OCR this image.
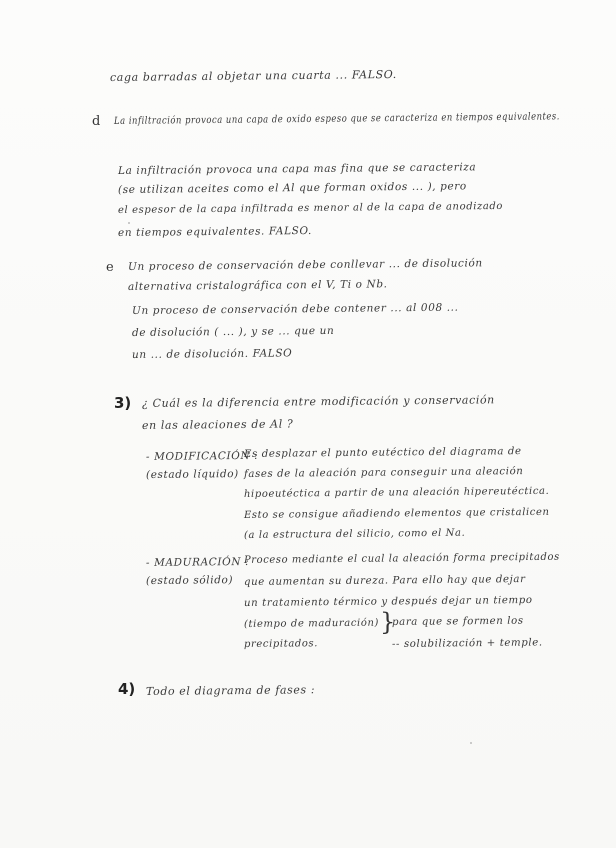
caga barradas al objetar una cuarta ... FALSO.
d La infiltración provoca una capa de oxido espeso que se caracteriza en tiempos equivalentes.
La infiltración provoca una capa mas fina que se caracteriza
(se utilizan aceites como el Al que forman oxidos ... ), pero
el espesor de la capa infiltrada es menor al de la capa de anodizado
en tiempos equivalentes. FALSO.
e Un proceso de conservación debe conllevar ... de disolución
alternativa cristalográfica con el V, Ti o Nb.
Un proceso de conservación debe contener ... al 008 ...
de disolución ( ... ), y se ... que un
un ... de disolución. FALSO
3) ¿ Cuál es la diferencia entre modificación y conservación
en las aleaciones de Al ?
- MODIFICACIÓN :
(estado líquido)
Es desplazar el punto eutéctico del diagrama de
fases de la aleación para conseguir una aleación
hipoeutéctica a partir de una aleación hipereutéctica.
Esto se consigue añadiendo elementos que cristalicen
(a la estructura del silicio, como el Na.
- MADURACIÓN :
(estado sólido)
Proceso mediante el cual la aleación forma precipitados
que aumentan su dureza. Para ello hay que dejar
un tratamiento térmico y después dejar un tiempo
(tiempo de maduración) }
para que se formen los
precipitados.	-- solubilización + temple.
4) Todo el diagrama de fases :
